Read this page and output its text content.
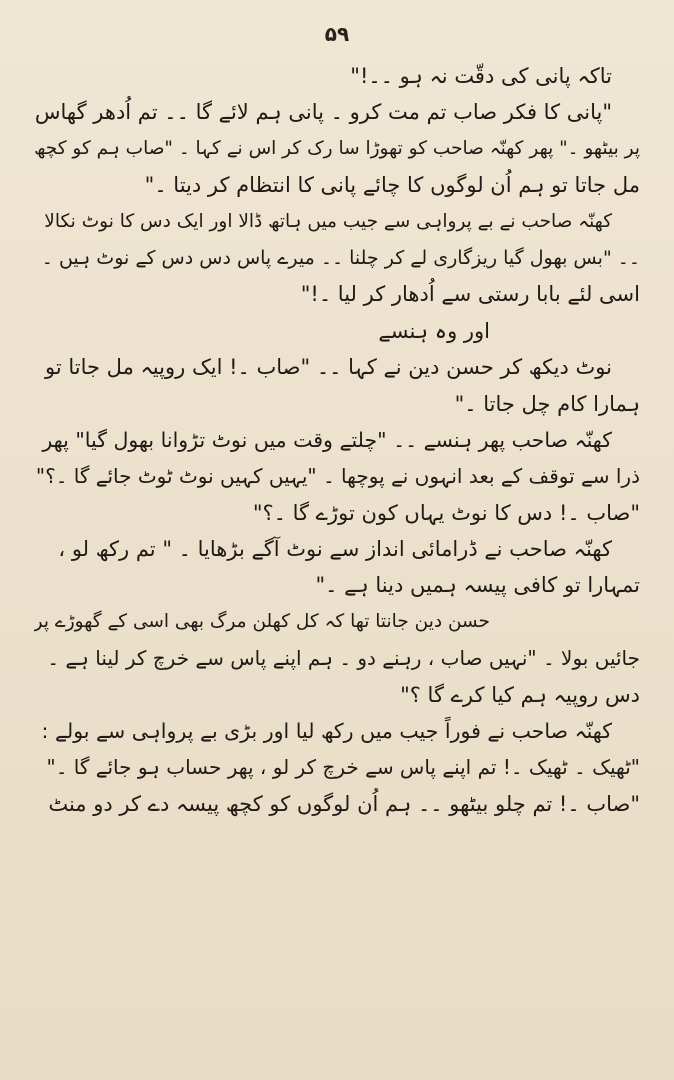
۵۹
تاکہ پانی کی دقّت نہ ہو ۔۔!"
"پانی کا فکر صاب تم مت کرو ۔ پانی ہم لائے گا ۔۔ تم اُدھر گھاس
پر بیٹھو ۔" پھر کھنّہ صاحب کو تھوڑا سا رک کر اس نے کہا ۔ "صاب ہم کو کچھ
مل جاتا تو ہم اُن لوگوں کا چائے پانی کا انتظام کر دیتا ۔"
کھنّہ صاحب نے بے پرواہی سے جیب میں ہاتھ ڈالا اور ایک دس کا نوٹ نکالا
۔۔ "بس بھول گیا ریزگاری لے کر چلنا ۔۔ میرے پاس دس دس کے نوٹ ہیں ۔
اسی لئے بابا رستی سے اُدھار کر لیا ۔!"
اور وہ ہنسے
نوٹ دیکھ کر حسن دین نے کہا ۔۔ "صاب ۔! ایک روپیہ مل جاتا تو
ہمارا کام چل جاتا ۔"
کھنّہ صاحب پھر ہنسے ۔۔ "چلتے وقت میں نوٹ تڑوانا بھول گیا" پھر
ذرا سے توقف کے بعد انہوں نے پوچھا ۔ "یہیں کہیں نوٹ ٹوٹ جائے گا ۔؟"
"صاب ۔! دس کا نوٹ یہاں کون توڑے گا ۔؟"
کھنّہ صاحب نے ڈرامائی انداز سے نوٹ آگے بڑھایا ۔ " تم رکھ لو ،
تمہارا تو کافی پیسہ ہمیں دینا ہے ۔"
حسن دین جانتا تھا کہ کل کھلن مرگ بھی اسی کے گھوڑے پر
جائیں بولا ۔ "نہیں صاب ، رہنے دو ۔ ہم اپنے پاس سے خرچ کر لینا ہے ۔
دس روپیہ ہم کیا کرے گا ؟"
کھنّہ صاحب نے فوراً جیب میں رکھ لیا اور بڑی بے پرواہی سے بولے :
"ٹھیک ۔ ٹھیک ۔! تم اپنے پاس سے خرچ کر لو ، پھر حساب ہو جائے گا ۔"
"صاب ۔! تم چلو بیٹھو ۔۔ ہم اُن لوگوں کو کچھ پیسہ دے کر دو منٹ
